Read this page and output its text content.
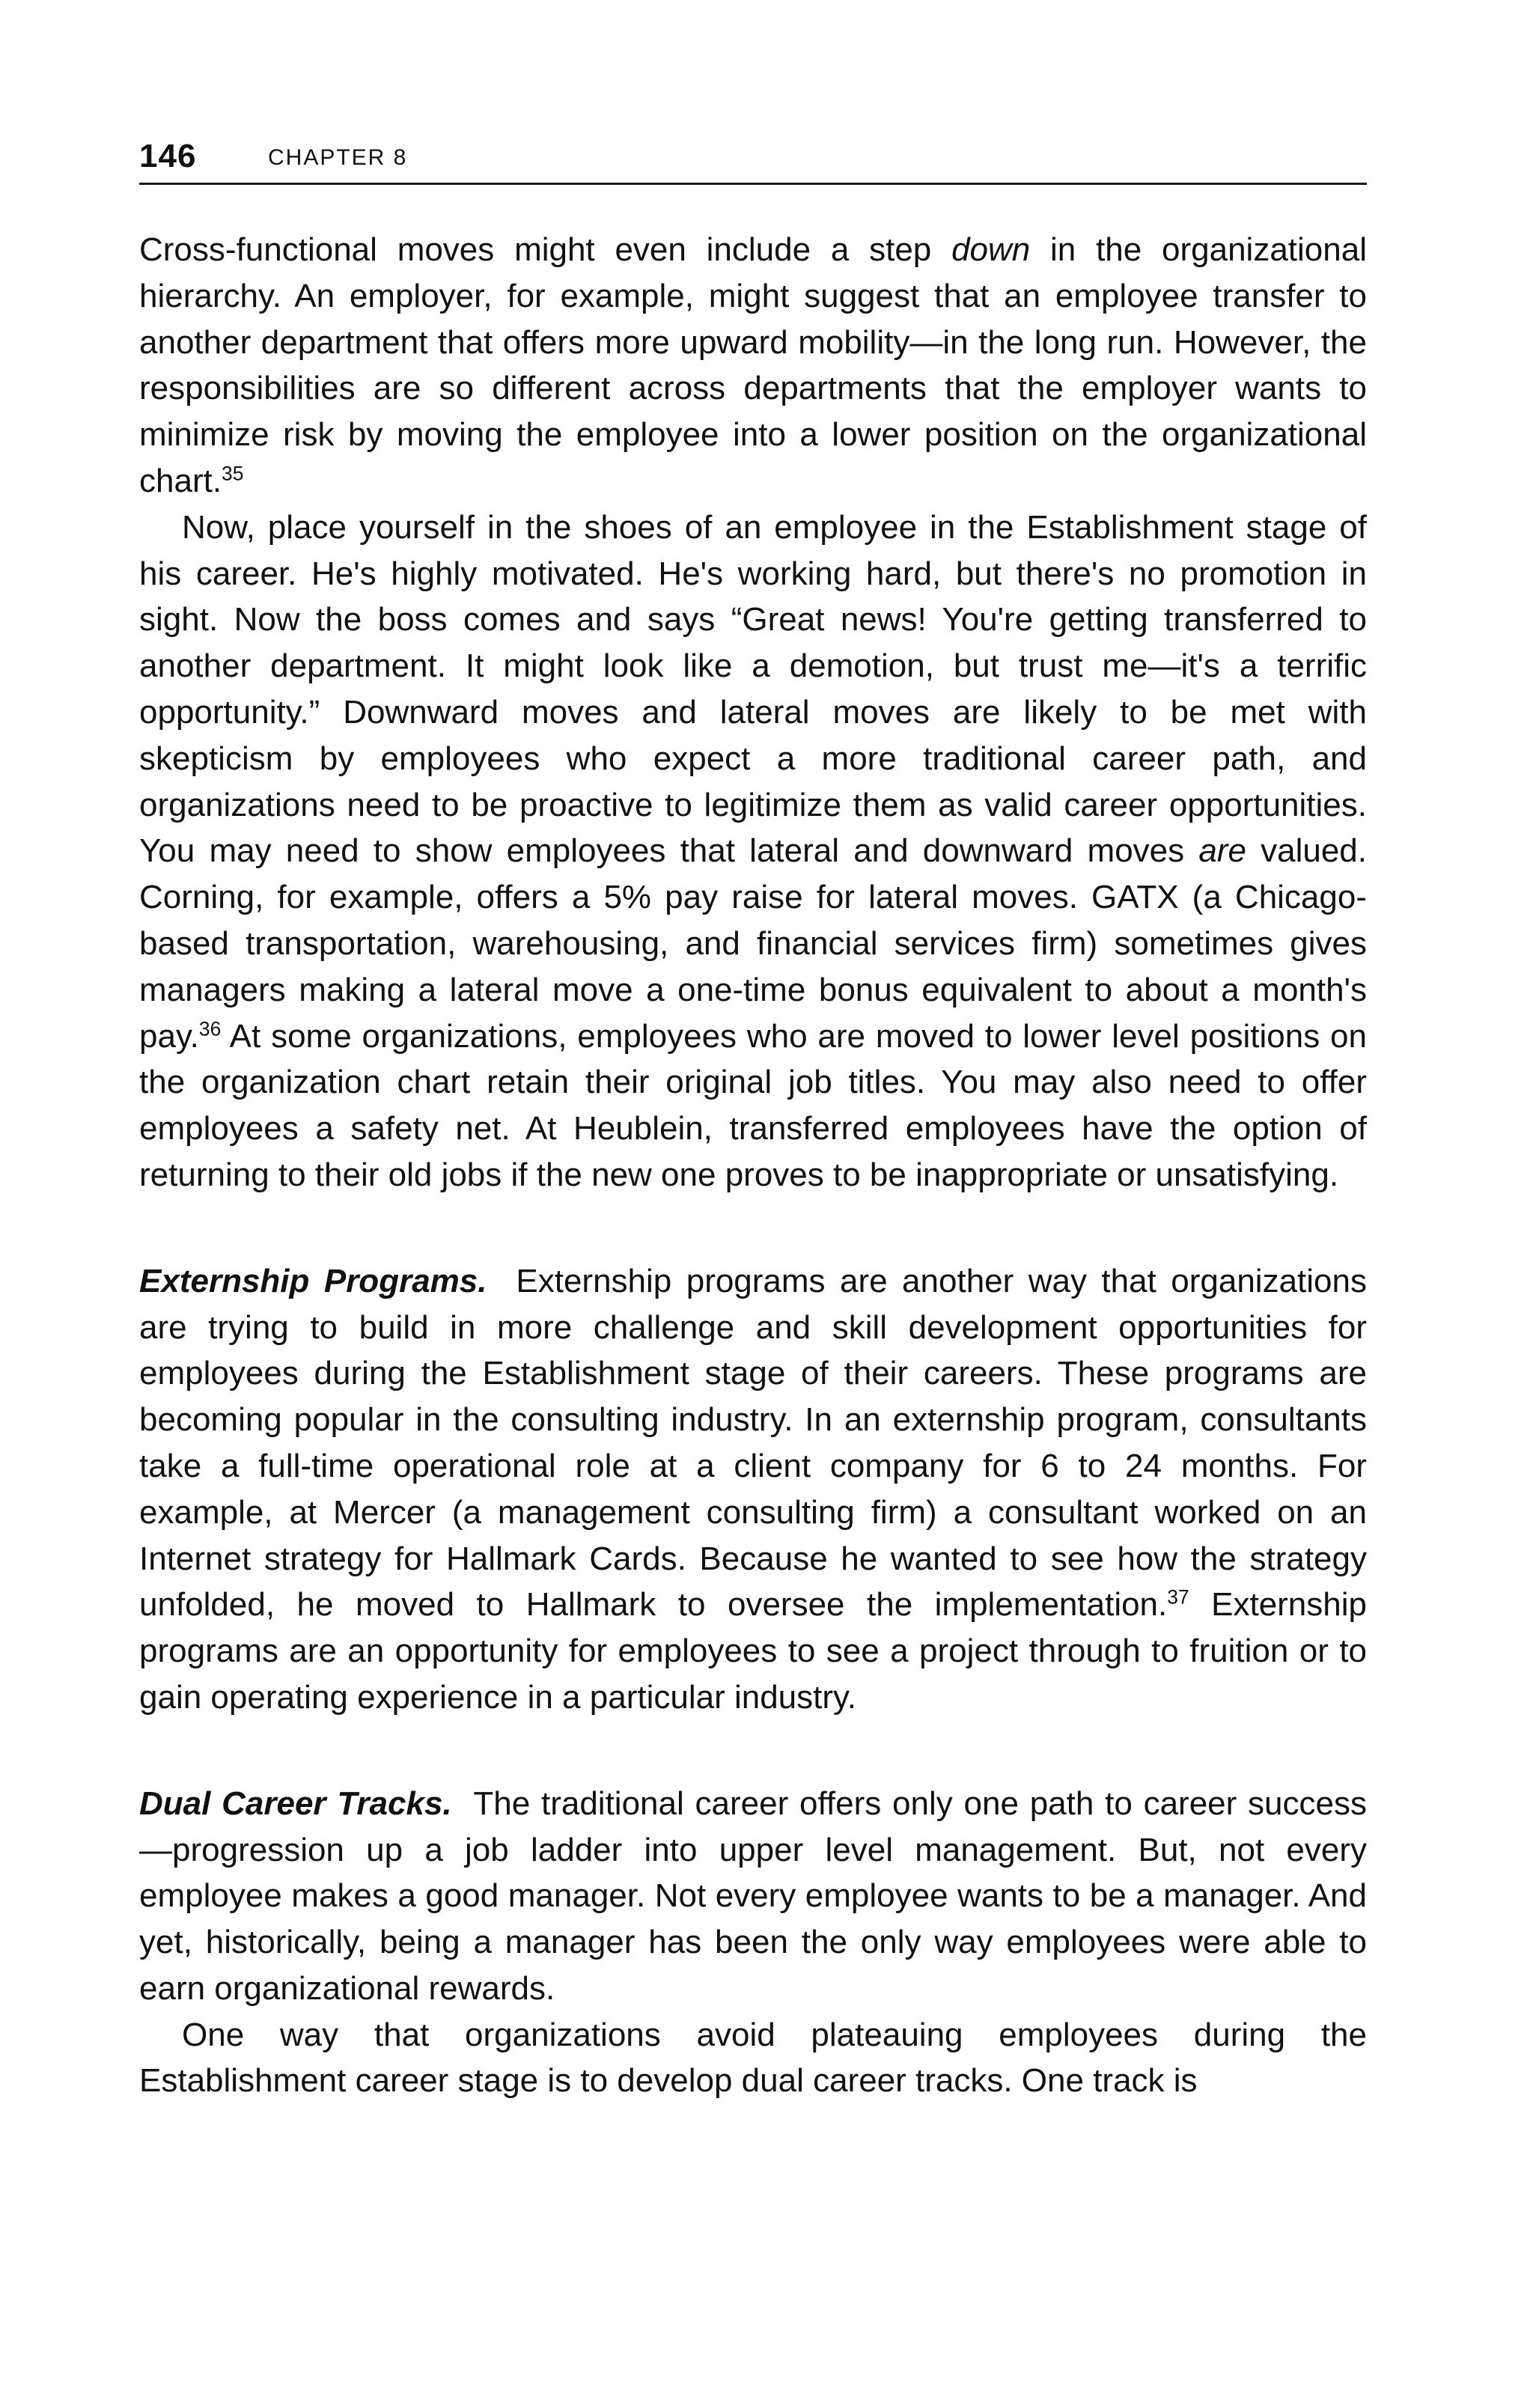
146	CHAPTER 8

Cross-functional moves might even include a step down in the organizational hierarchy. An employer, for example, might suggest that an employee transfer to another department that offers more upward mobility—in the long run. However, the responsibilities are so different across departments that the employer wants to minimize risk by moving the employee into a lower position on the organizational chart.$^{35}$

Now, place yourself in the shoes of an employee in the Establishment stage of his career. He's highly motivated. He's working hard, but there's no promotion in sight. Now the boss comes and says “Great news! You're getting transferred to another department. It might look like a demotion, but trust me—it's a terrific opportunity.” Downward moves and lateral moves are likely to be met with skepticism by employees who expect a more traditional career path, and organizations need to be proactive to legitimize them as valid career opportunities. You may need to show employees that lateral and downward moves are valued. Corning, for example, offers a 5% pay raise for lateral moves. GATX (a Chicago-based transportation, warehousing, and financial services firm) sometimes gives managers making a lateral move a one-time bonus equivalent to about a month's pay.$^{36}$ At some organizations, employees who are moved to lower level positions on the organization chart retain their original job titles. You may also need to offer employees a safety net. At Heublein, transferred employees have the option of returning to their old jobs if the new one proves to be inappropriate or unsatisfying.

Externship Programs.  Externship programs are another way that organizations are trying to build in more challenge and skill development opportunities for employees during the Establishment stage of their careers. These programs are becoming popular in the consulting industry. In an externship program, consultants take a full-time operational role at a client company for 6 to 24 months. For example, at Mercer (a management consulting firm) a consultant worked on an Internet strategy for Hallmark Cards. Because he wanted to see how the strategy unfolded, he moved to Hallmark to oversee the implementation.$^{37}$ Externship programs are an opportunity for employees to see a project through to fruition or to gain operating experience in a particular industry.

Dual Career Tracks.  The traditional career offers only one path to career success—progression up a job ladder into upper level management. But, not every employee makes a good manager. Not every employee wants to be a manager. And yet, historically, being a manager has been the only way employees were able to earn organizational rewards.

One way that organizations avoid plateauing employees during the Establishment career stage is to develop dual career tracks. One track is
